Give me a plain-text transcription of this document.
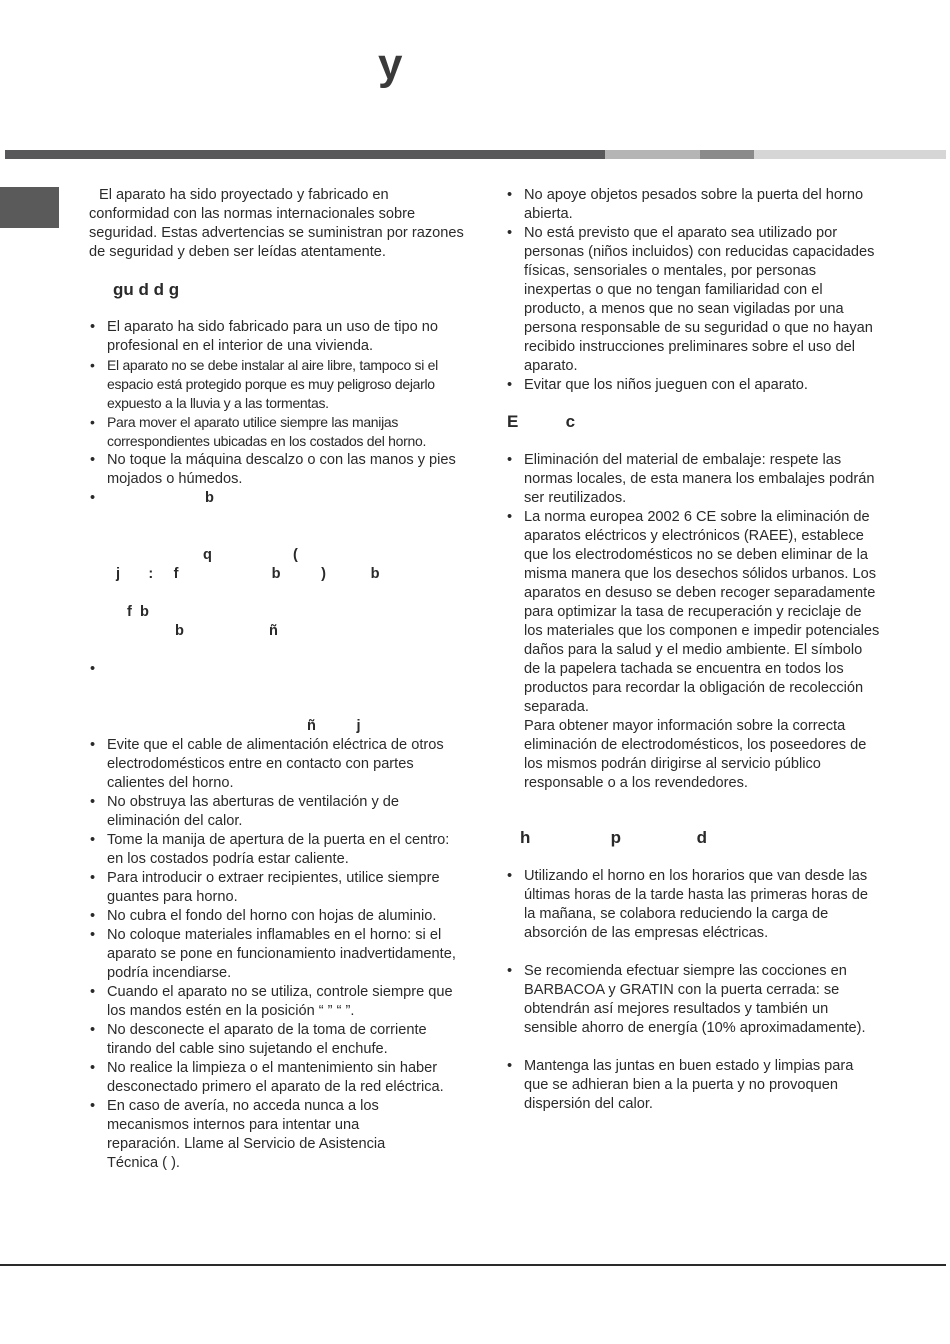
y

El aparato ha sido proyectado y fabricado en conformidad con las normas internacionales sobre seguridad. Estas advertencias se suministran por razones de seguridad y deben ser leídas atentamente.

gu d d g
• El aparato ha sido fabricado para un uso de tipo no profesional en el interior de una vivienda.
• El aparato no se debe instalar al aire libre, tampoco si el espacio está protegido porque es muy peligroso dejarlo expuesto a la lluvia y a las tormentas.
• Para mover el aparato utilice siempre las manijas correspondientes ubicadas en los costados del horno.
• No toque la máquina descalzo o con las manos y pies mojados o húmedos.
• b
q                    (
j       :     f                       b          )           b
f  b
b                     ñ
•
ñ          j
• Evite que el cable de alimentación eléctrica de otros electrodomésticos entre en contacto con partes calientes del horno.
• No obstruya las aberturas de ventilación y de eliminación del calor.
• Tome la manija de apertura de la puerta en el centro: en los costados podría estar caliente.
• Para introducir o extraer recipientes, utilice siempre guantes para horno.
• No cubra el fondo del horno con hojas de aluminio.
• No coloque materiales inflamables en el horno: si el aparato se pone en funcionamiento inadvertidamente, podría incendiarse.
• Cuando el aparato no se utiliza, controle siempre que los mandos estén en la posición “ ” “ ”.
• No desconecte el aparato de la toma de corriente tirando del cable sino sujetando el enchufe.
• No realice la limpieza o el mantenimiento sin haber desconectado primero el aparato de la red eléctrica.
• En caso de avería, no acceda nunca a los mecanismos internos para intentar una reparación. Llame al Servicio de Asistencia Técnica ( ).
• No apoye objetos pesados sobre la puerta del horno abierta.
• No está previsto que el aparato sea utilizado por personas (niños incluidos) con reducidas capacidades físicas, sensoriales o mentales, por personas inexpertas o que no tengan familiaridad con el producto, a menos que no sean vigiladas por una persona responsable de su seguridad o que no hayan recibido instrucciones preliminares sobre el uso del aparato.
• Evitar que los niños jueguen con el aparato.
E          c
• Eliminación del material de embalaje: respete las normas locales, de esta manera los embalajes podrán ser reutilizados.
• La norma europea 2002 6 CE sobre la eliminación de aparatos eléctricos y electrónicos (RAEE), establece que los electrodomésticos no se deben eliminar de la misma manera que los desechos sólidos urbanos. Los aparatos en desuso se deben recoger separadamente para optimizar la tasa de recuperación y reciclaje de los materiales que los componen e impedir potenciales daños para la salud y el medio ambiente. El símbolo de la papelera tachada se encuentra en todos los productos para recordar la obligación de recolección separada.

Para obtener mayor información sobre la correcta eliminación de electrodomésticos, los poseedores de los mismos podrán dirigirse al servicio público responsable o a los revendedores.

h                 p                d
• Utilizando el horno en los horarios que van desde las últimas horas de la tarde hasta las primeras horas de la mañana, se colabora reduciendo la carga de absorción de las empresas eléctricas.
• Se recomienda efectuar siempre las cocciones en BARBACOA y GRATIN con la puerta cerrada: se obtendrán así mejores resultados y también un sensible ahorro de energía (10% aproximadamente).
• Mantenga las juntas en buen estado y limpias para que se adhieran bien a la puerta y no provoquen dispersión del calor.
